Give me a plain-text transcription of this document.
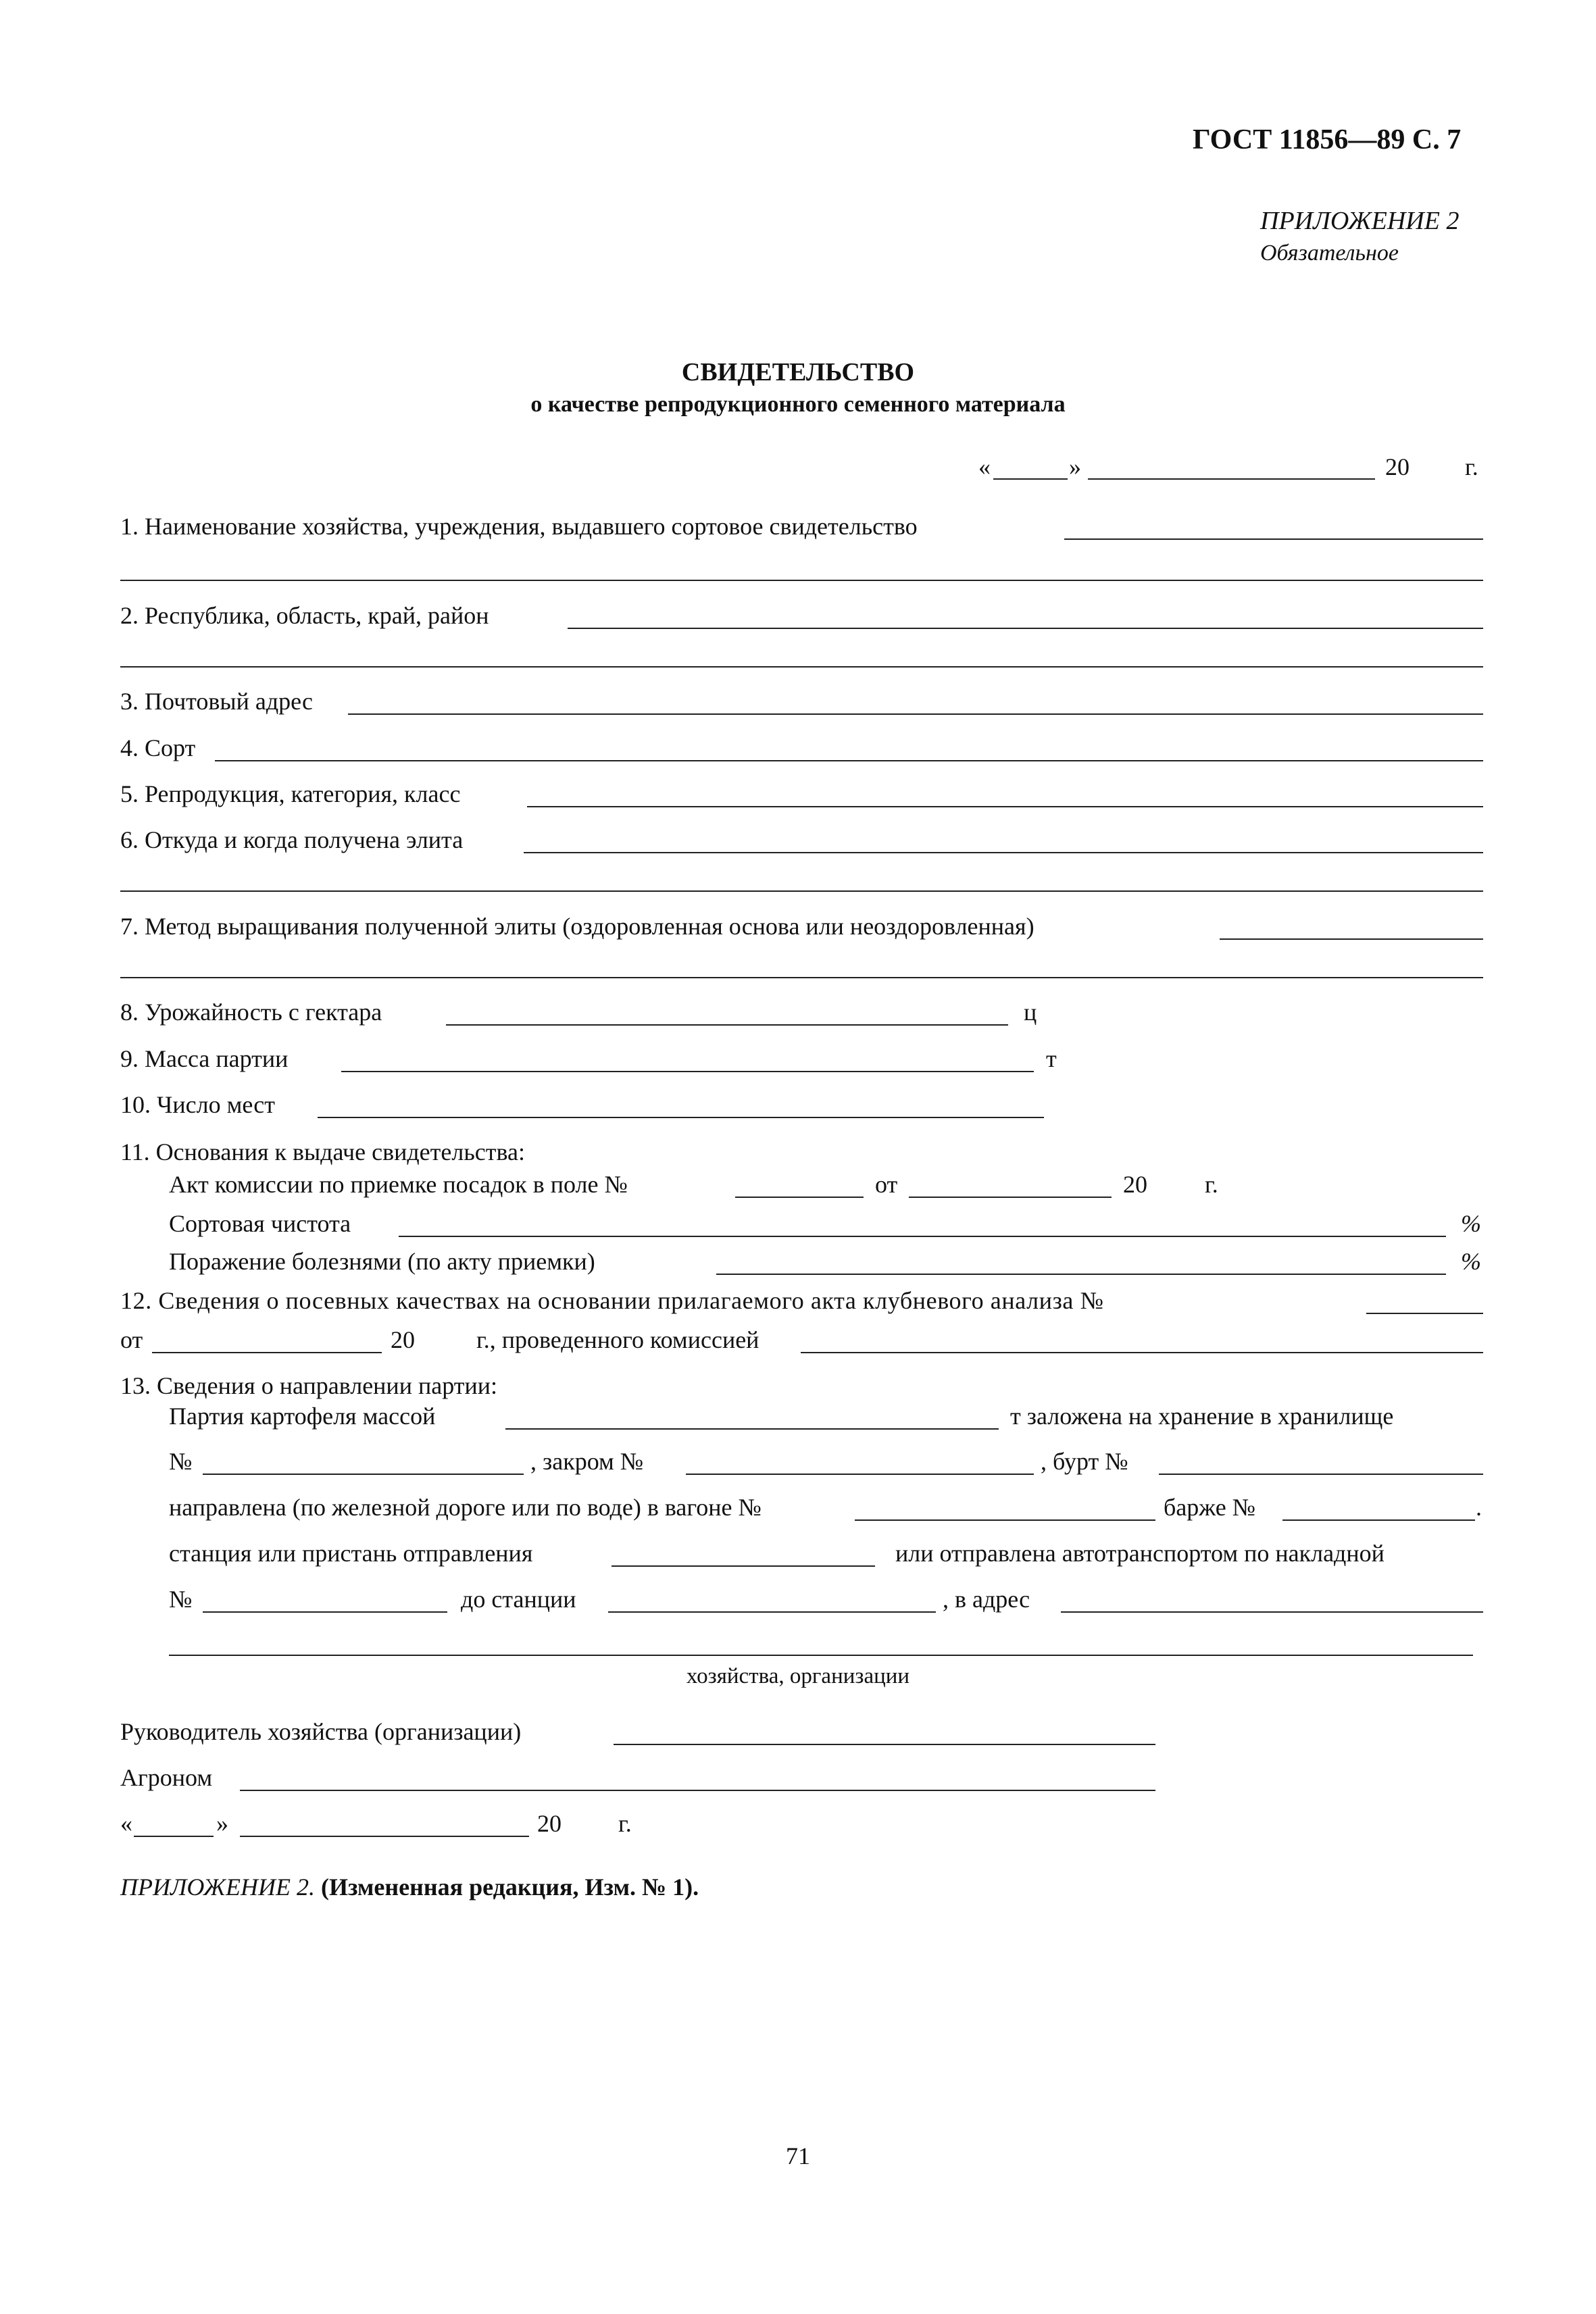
ГОСТ 11856—89 С. 7
ПРИЛОЖЕНИЕ 2
Обязательное
СВИДЕТЕЛЬСТВО
о качестве репродукционного семенного материала
«	»	20 г.
1. Наименование хозяйства, учреждения, выдавшего сортовое свидетельство
2. Республика, область, край, район
3. Почтовый адрес
4. Сорт
5. Репродукция, категория, класс
6. Откуда и когда получена элита
7. Метод выращивания полученной элиты (оздоровленная основа или неоздоровленная)
8. Урожайность с гектара	ц
9. Масса партии	т
10. Число мест
11. Основания к выдаче свидетельства:
Акт комиссии по приемке посадок в поле №	от	20 г.
Сортовая чистота	%
Поражение болезнями (по акту приемки)	%
12. Сведения о посевных качествах на основании прилагаемого акта клубневого анализа №
от	20	г., проведенного комиссией
13. Сведения о направлении партии:
Партия картофеля массой	т заложена на хранение в хранилище
№	, закром №	, бурт №
направлена (по железной дороге или по воде) в вагоне №	барже №	.
станция или пристань отправления	или отправлена автотранспортом по накладной
№	до станции	, в адрес
хозяйства, организации
Руководитель хозяйства (организации)
Агроном
«	»	20 г.
ПРИЛОЖЕНИЕ 2. (Измененная редакция, Изм. № 1).
71
